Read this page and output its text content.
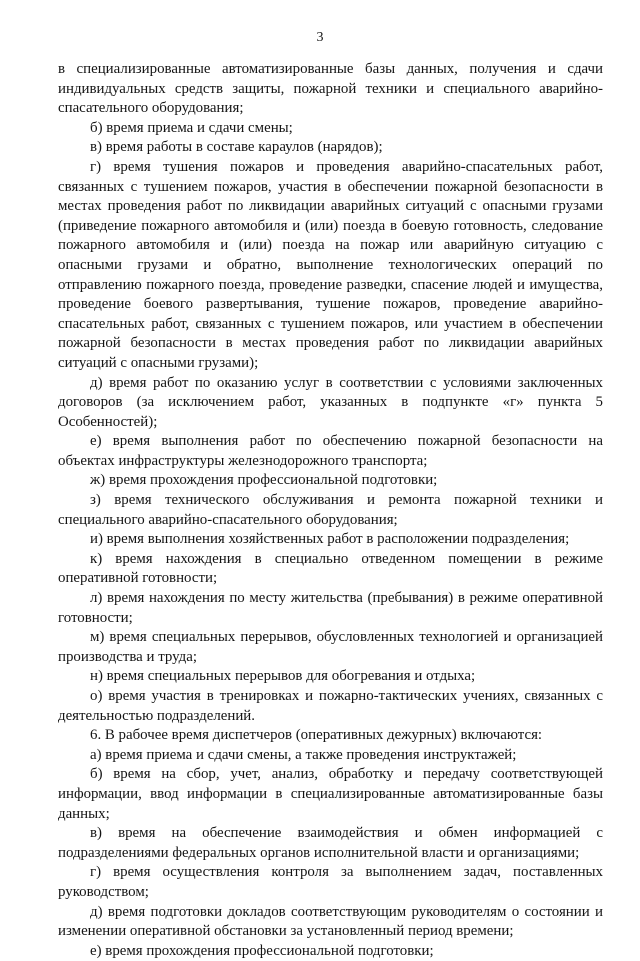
3

в специализированные автоматизированные базы данных, получения и сдачи индивидуальных средств защиты, пожарной техники и специального аварийно-спасательного оборудования;

б) время приема и сдачи смены;

в) время работы в составе караулов (нарядов);

г) время тушения пожаров и проведения аварийно-спасательных работ, связанных с тушением пожаров, участия в обеспечении пожарной безопасности в местах проведения работ по ликвидации аварийных ситуаций с опасными грузами (приведение пожарного автомобиля и (или) поезда в боевую готовность, следование пожарного автомобиля и (или) поезда на пожар или аварийную ситуацию с опасными грузами и обратно, выполнение технологических операций по отправлению пожарного поезда, проведение разведки, спасение людей и имущества, проведение боевого развертывания, тушение пожаров, проведение аварийно-спасательных работ, связанных с тушением пожаров, или участием в обеспечении пожарной безопасности в местах проведения работ по ликвидации аварийных ситуаций с опасными грузами);

д) время работ по оказанию услуг в соответствии с условиями заключенных договоров (за исключением работ, указанных в подпункте «г» пункта 5 Особенностей);

е) время выполнения работ по обеспечению пожарной безопасности на объектах инфраструктуры железнодорожного транспорта;

ж) время прохождения профессиональной подготовки;

з) время технического обслуживания и ремонта пожарной техники и специального аварийно-спасательного оборудования;

и) время выполнения хозяйственных работ в расположении подразделения;

к) время нахождения в специально отведенном помещении в режиме оперативной готовности;

л) время нахождения по месту жительства (пребывания) в режиме оперативной готовности;

м) время специальных перерывов, обусловленных технологией и организацией производства и труда;

н) время специальных перерывов для обогревания и отдыха;

о) время участия в тренировках и пожарно-тактических учениях, связанных с деятельностью подразделений.

6. В рабочее время диспетчеров (оперативных дежурных) включаются:

а) время приема и сдачи смены, а также проведения инструктажей;

б) время на сбор, учет, анализ, обработку и передачу соответствующей информации, ввод информации в специализированные автоматизированные базы данных;

в) время на обеспечение взаимодействия и обмен информацией с подразделениями федеральных органов исполнительной власти и организациями;

г) время осуществления контроля за выполнением задач, поставленных руководством;

д) время подготовки докладов соответствующим руководителям о состоянии и изменении оперативной обстановки за установленный период времени;

е) время прохождения профессиональной подготовки;
